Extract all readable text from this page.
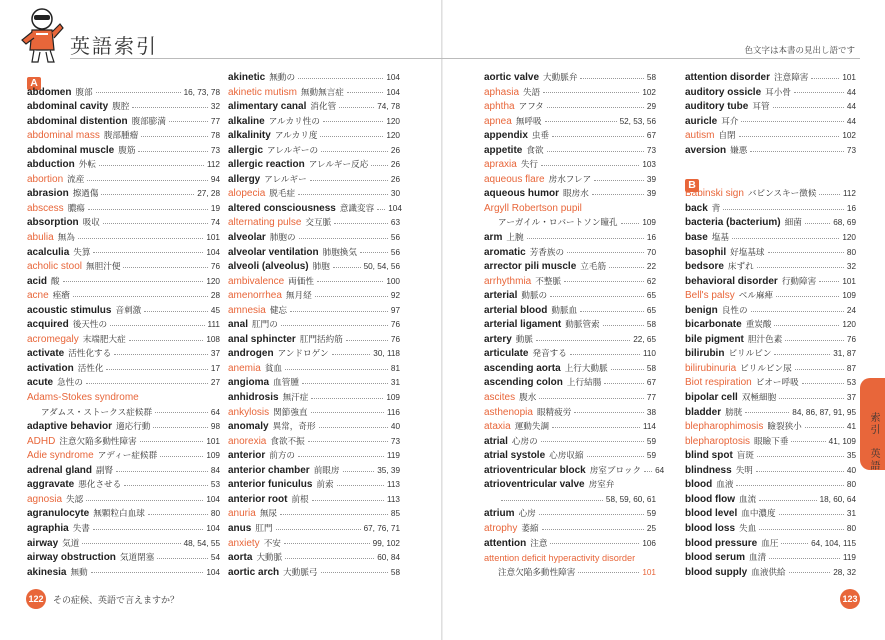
英語索引	色文字は本書の見出し語です
A
abdomen 腹部	16, 73, 78
abdominal cavity 腹腔	32
abdominal distention 腹部膨満	77
abdominal mass 腹部腫瘤	78
abdominal muscle 腹筋	73
abduction 外転	112
abortion 流産	94
abrasion 擦過傷	27, 28
abscess 膿瘍	19
absorption 吸収	74
abulia 無為	101
acalculia 失算	104
acholic stool 無胆汁便	76
acid 酸	120
acne 痤瘡	28
acoustic stimulus 音刺激	45
acquired 後天性の	111
acromegaly 末端肥大症	108
activate 活性化する	37
activation 活性化	17
acute 急性の	27
Adams-Stokes syndrome
アダムス・ストークス症候群	64
adaptive behavior 適応行動	98
ADHD 注意欠陥多動性障害	101
Adie syndrome アディー症候群	109
adrenal gland 副腎	84
aggravate 悪化させる	53
agnosia 失認	104
agranulocyte 無顆粒白血球	80
agraphia 失書	104
airway 気道	48, 54, 55
airway obstruction 気道閉塞	54
akinesia 無動	104
akinetic 無動の	104
akinetic mutism 無動無言症	104
alimentary canal 消化管	74, 78
alkaline アルカリ性の	120
alkalinity アルカリ度	120
allergic アレルギーの	26
allergic reaction アレルギー反応	26
allergy アレルギー	26
alopecia 脱毛症	30
altered consciousness 意識変容 104
alternating pulse 交互脈	63
alveolar 肺胞の	56
alveolar ventilation 肺胞換気	56
alveoli (alveolus) 肺胞	50, 54, 56
ambivalence 両価性	100
amenorrhea 無月経	92
amnesia 健忘	97
anal 肛門の	76
anal sphincter 肛門括約筋	76
androgen アンドロゲン	30, 118
anemia 貧血	81
angioma 血管腫	31
anhidrosis 無汗症	109
ankylosis 関節強直	116
anomaly 異常，奇形	40
anorexia 食欲不振	73
anterior 前方の	119
anterior chamber 前眼房	35, 39
anterior funiculus 前索	113
anterior root 前根	113
anuria 無尿	85
anus 肛門	67, 76, 71
anxiety 不安	99, 102
aorta 大動脈	60, 84
aortic arch 大動脈弓	58
aortic valve 大動脈弁	58
aphasia 失語	102
aphtha アフタ	29
apnea 無呼吸	52, 53, 56
appendix 虫垂	67
appetite 食欲	73
apraxia 失行	103
aqueous flare 房水フレア	39
aqueous humor 眼房水	39
Argyll Robertson pupil
アーガイル・ロバートソン瞳孔	109
arm 上腕	16
aromatic 芳香族の	70
arrector pili muscle 立毛筋	22
arrhythmia 不整脈	62
arterial 動脈の	65
arterial blood 動脈血	65
arterial ligament 動脈管索	58
artery 動脈	22, 65
articulate 発音する	110
ascending aorta 上行大動脈	58
ascending colon 上行結腸	67
ascites 腹水	77
asthenopia 眼精疲労	38
ataxia 運動失調	114
atrial 心房の	59
atrial systole 心房収縮	59
atrioventricular block 房室ブロック 64
atrioventricular valve 房室弁
58, 59, 60, 61
atrium 心房	59
atrophy 萎縮	25
attention 注意	106
attention deficit hyperactivity disorder
注意欠陥多動性障害	101
attention disorder 注意障害	101
auditory ossicle 耳小骨	44
auditory tube 耳管	44
auricle 耳介	44
autism 自閉	102
aversion 嫌悪	73
B
Babinski sign バビンスキー徴候	112
back 背	16
bacteria (bacterium) 細菌	68, 69
base 塩基	120
basophil 好塩基球	80
bedsore 床ずれ	32
behavioral disorder 行動障害	101
Bell's palsy ベル麻痺	109
benign 良性の	24
bicarbonate 重炭酸	120
bile pigment 胆汁色素	76
bilirubin ビリルビン	31, 87
bilirubinuria ビリルビン尿	87
Biot respiration ビオー呼吸	53
bipolar cell 双極細胞	37
bladder 膀胱	84, 86, 87, 91, 95
blepharophimosis 瞼裂狭小	41
blepharoptosis 眼瞼下垂	41, 109
blind spot 盲斑	35
blindness 失明	40
blood 血液	80
blood flow 血流	18, 60, 64
blood level 血中濃度	31
blood loss 失血	80
blood pressure 血圧	64, 104, 115
blood serum 血清	119
blood supply 血液供給	28, 32
122 その症候、英語で言えますか？	123
索引　英語
